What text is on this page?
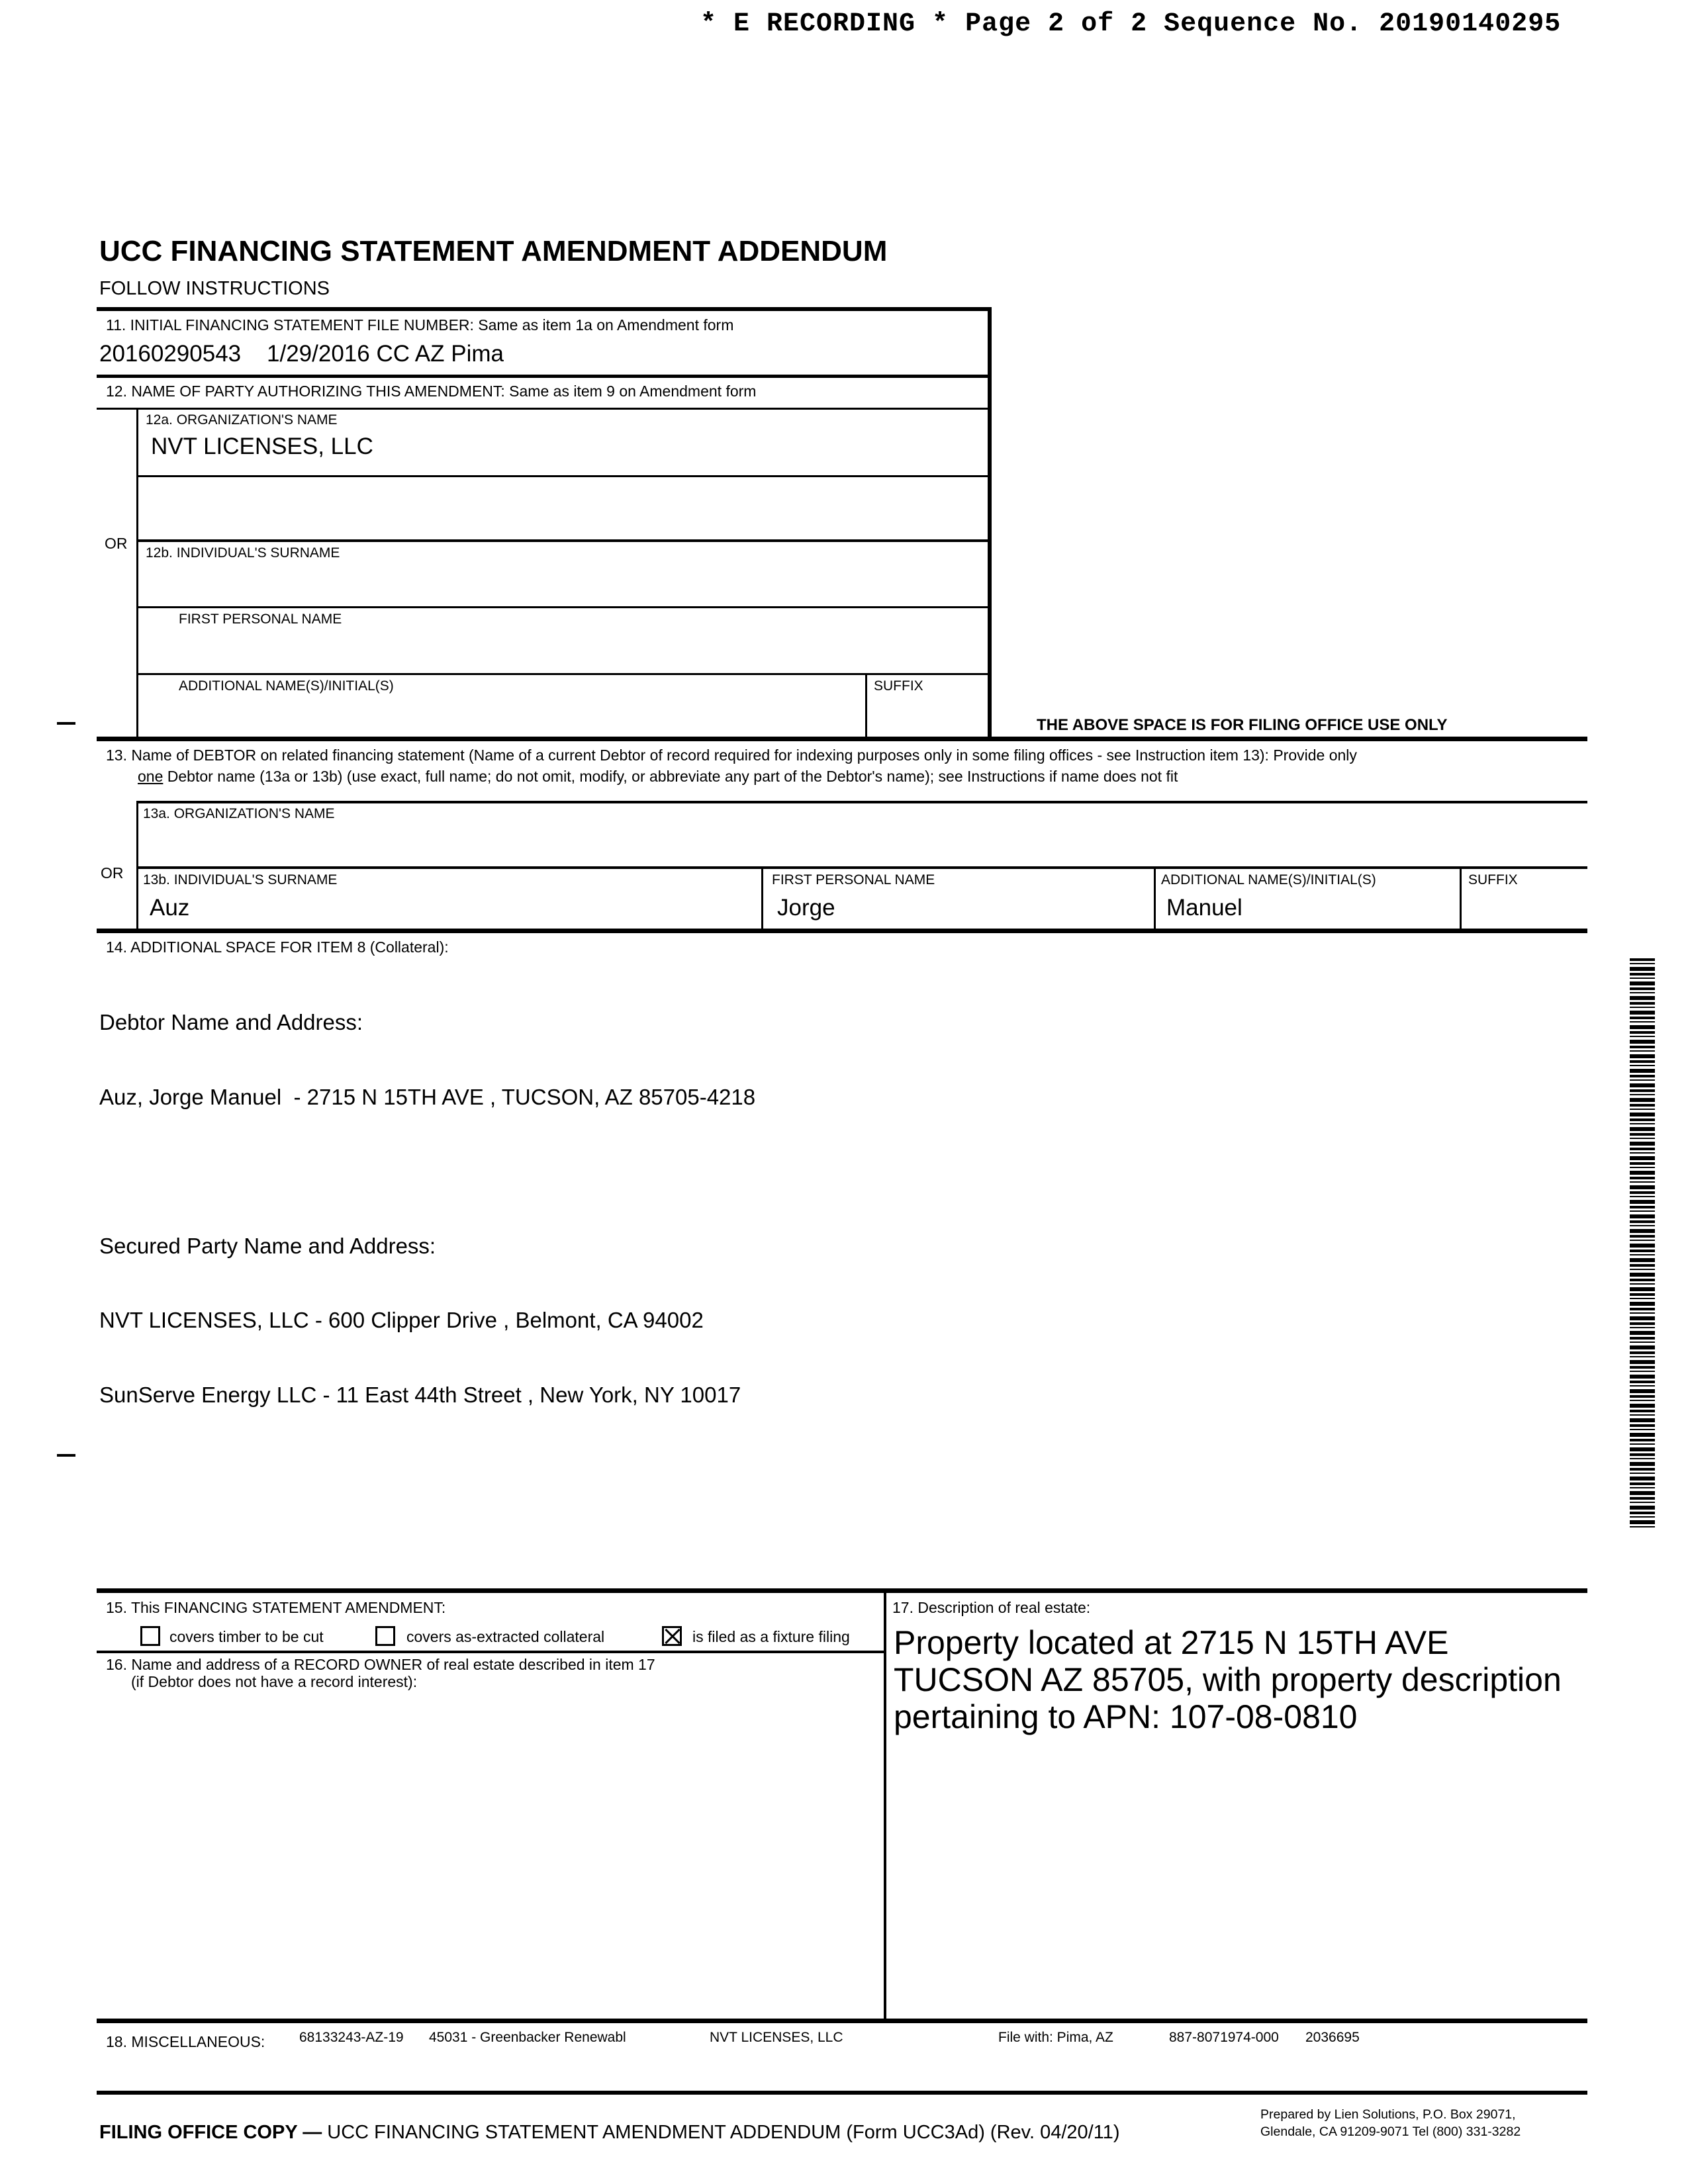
* E RECORDING * Page 2 of 2 Sequence No. 20190140295
UCC FINANCING STATEMENT AMENDMENT ADDENDUM
FOLLOW INSTRUCTIONS
11. INITIAL FINANCING STATEMENT FILE NUMBER: Same as item 1a on Amendment form
20160290543    1/29/2016 CC AZ Pima
12. NAME OF PARTY AUTHORIZING THIS AMENDMENT: Same as item 9 on Amendment form
12a. ORGANIZATION'S NAME
NVT LICENSES, LLC
OR
12b. INDIVIDUAL'S SURNAME
FIRST PERSONAL NAME
ADDITIONAL NAME(S)/INITIAL(S)	SUFFIX
THE ABOVE SPACE IS FOR FILING OFFICE USE ONLY
13. Name of DEBTOR on related financing statement (Name of a current Debtor of record required for indexing purposes only in some filing offices - see Instruction item 13): Provide only
one Debtor name (13a or 13b) (use exact, full name; do not omit, modify, or abbreviate any part of the Debtor's name); see Instructions if name does not fit
13a. ORGANIZATION'S NAME
OR 13b. INDIVIDUAL'S SURNAME
Auz
FIRST PERSONAL NAME
Jorge
ADDITIONAL NAME(S)/INITIAL(S)
Manuel
SUFFIX
14. ADDITIONAL SPACE FOR ITEM 8 (Collateral):

Debtor Name and Address:

Auz, Jorge Manuel  - 2715 N 15TH AVE , TUCSON, AZ 85705-4218

Secured Party Name and Address:

NVT LICENSES, LLC - 600 Clipper Drive , Belmont, CA 94002

SunServe Energy LLC - 11 East 44th Street , New York, NY 10017

15. This FINANCING STATEMENT AMENDMENT:
covers timber to be cut	covers as-extracted collateral	is filed as a fixture filing
16. Name and address of a RECORD OWNER of real estate described in item 17
(if Debtor does not have a record interest):
17. Description of real estate:
Property located at 2715 N 15TH AVE
TUCSON AZ 85705, with property description
pertaining to APN: 107-08-0810
18. MISCELLANEOUS: 68133243-AZ-19 45031 - Greenbacker Renewabl	NVT LICENSES, LLC	File with: Pima, AZ	887-8071974-000 2036695
FILING OFFICE COPY — UCC FINANCING STATEMENT AMENDMENT ADDENDUM (Form UCC3Ad) (Rev. 04/20/11)
Prepared by Lien Solutions, P.O. Box 29071,
Glendale, CA 91209-9071 Tel (800) 331-3282
